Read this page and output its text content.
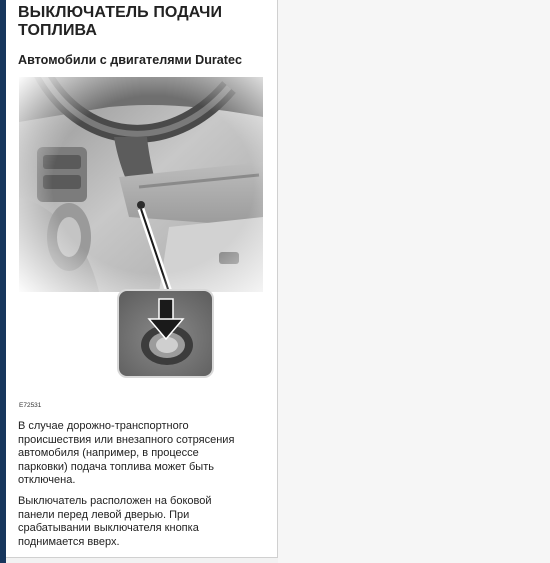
ВЫКЛЮЧАТЕЛЬ ПОДАЧИ
ТОПЛИВА
Автомобили с двигателями Duratec
E72531
В случае дорожно-транспортного
происшествия или внезапного сотрясения
автомобиля (например, в процессе
парковки) подача топлива может быть
отключена.
Выключатель расположен на боковой
панели перед левой дверью. При
срабатывании выключателя кнопка
поднимается вверх.
